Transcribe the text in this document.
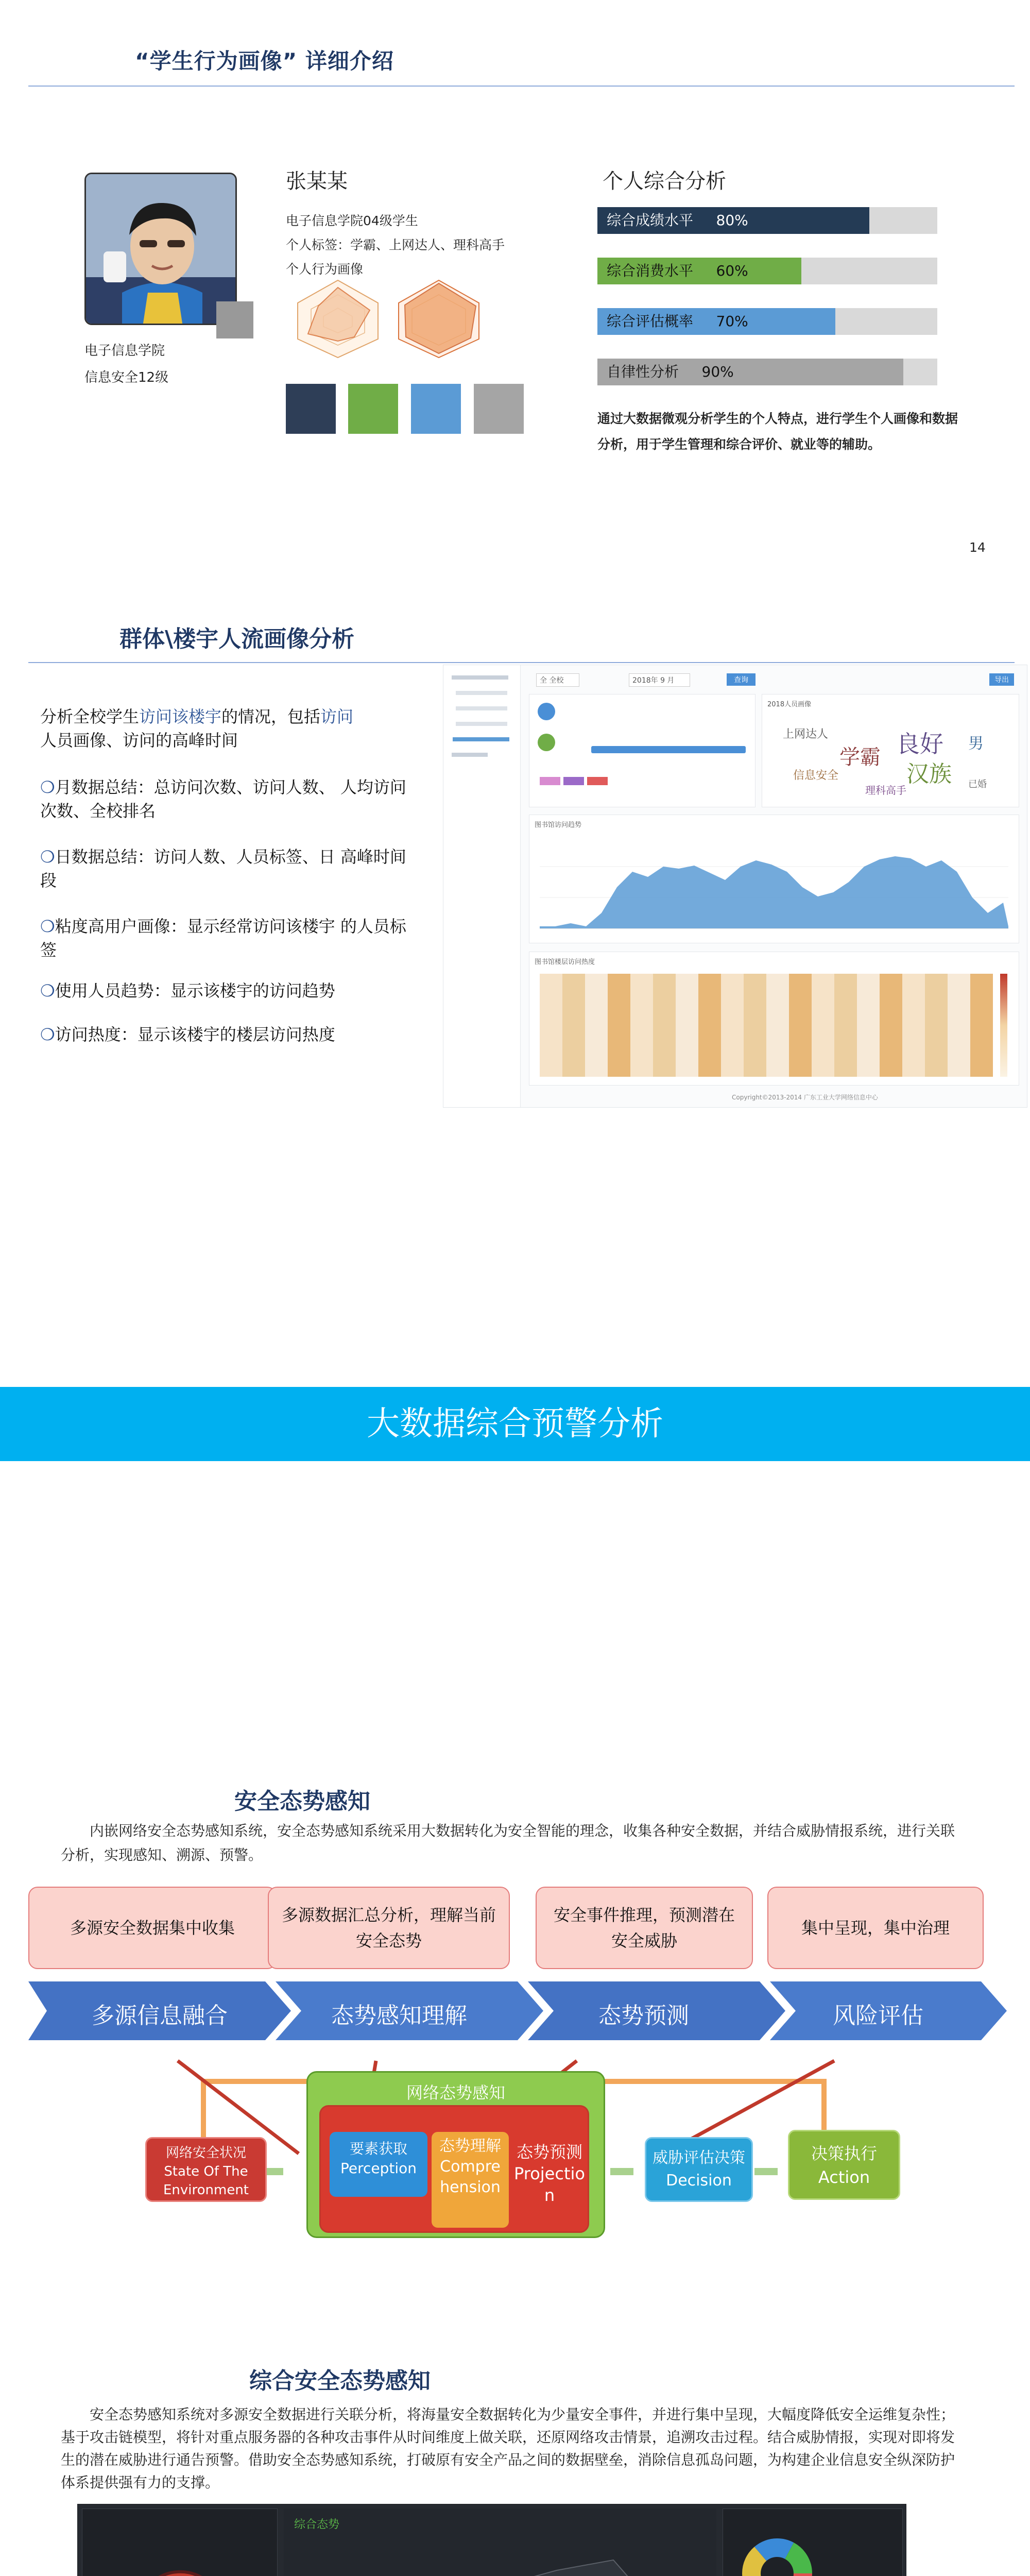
“学生行为画像” 详细介绍
电子信息学院
信息安全12级
张某某
电子信息学院04级学生
个人标签：学霸、上网达人、理科高手
个人行为画像
个人综合分析
综合成绩水平 80%
综合消费水平 60%
综合评估概率 70%
自律性分析 90%
通过大数据微观分析学生的个人特点，进行学生个人画像和数据分析，用于学生管理和综合评价、就业等的辅助。
14
群体\楼宇人流画像分析
分析全校学生访问该楼宇的情况，包括访问
人员画像、访问的高峰时间
❍月数据总结：总访问次数、访问人数、 人均访问次数、全校排名
❍日数据总结：访问人数、人员标签、日 高峰时间段
❍粘度高用户画像：显示经常访问该楼宇 的人员标签
❍使用人员趋势：显示该楼宇的访问趋势
❍访问热度：显示该楼宇的楼层访问热度
全 全校	2018年 9 月	查询	导出
2018人员画像
良好
汉族
学霸
男
信息安全
上网达人
理科高手	已婚
图书馆访问趋势
图书馆楼层访问热度
Copyright©2013-2014 广东工业大学网络信息中心
大数据综合预警分析
安全态势感知
内嵌网络安全态势感知系统，安全态势感知系统采用大数据转化为安全智能的理念，收集各种安全数据，并结合威胁情报系统，进行关联分析，实现感知、溯源、预警。
多源安全数据集中收集
多源数据汇总分析，理解当前安全态势
安全事件推理，预测潜在安全威胁
集中呈现，集中治理
多源信息融合	态势感知理解	态势预测	风险评估
网络态势感知
网络安全状况 State Of The Environment
要素获取 Perception
态势理解 Comprehension
态势预测 Projection
威胁评估决策Decision
决策执行 Action
综合安全态势感知
安全态势感知系统对多源安全数据进行关联分析，将海量安全数据转化为少量安全事件，并进行集中呈现，大幅度降低安全运维复杂性；基于攻击链模型，将针对重点服务器的各种攻击事件从时间维度上做关联，还原网络攻击情景，追溯攻击过程。结合威胁情报，实现对即将发生的潜在威胁进行通告预警。借助安全态势感知系统，打破原有安全产品之间的数据壁垒，消除信息孤岛问题，为构建企业信息安全纵深防护体系提供强有力的支撑。
综合态势
